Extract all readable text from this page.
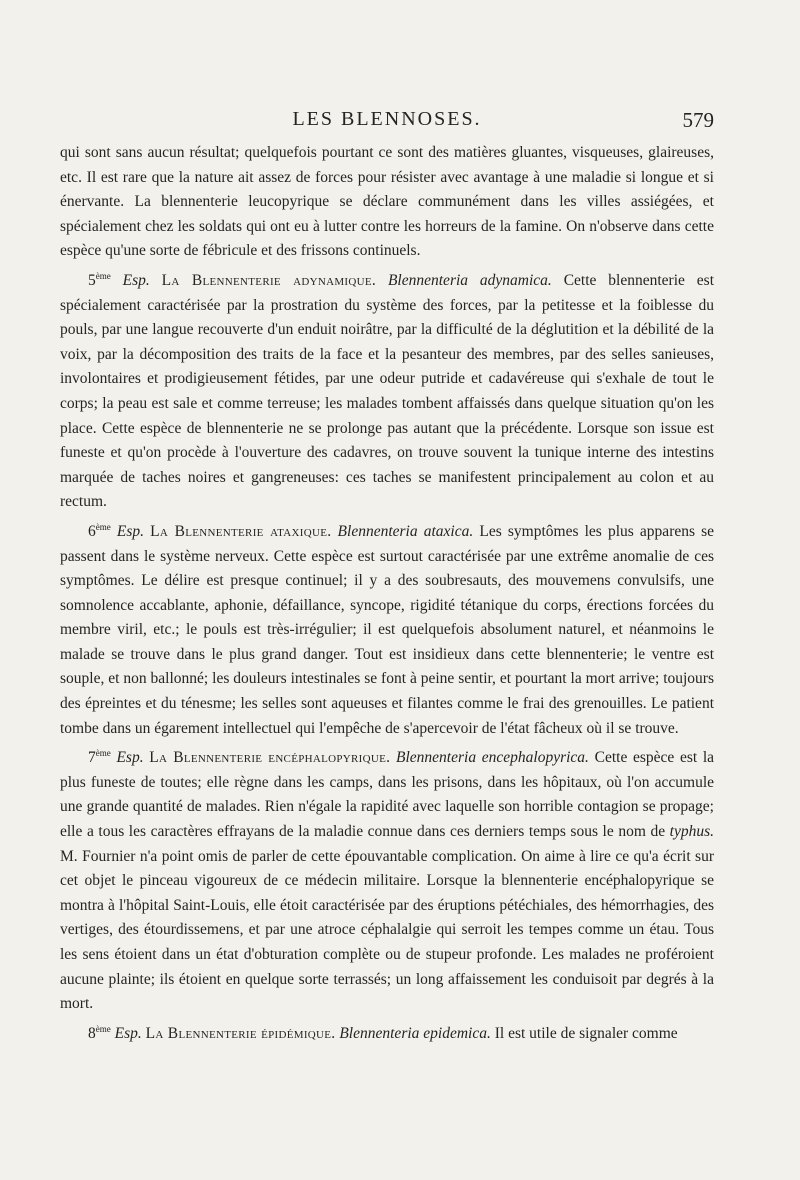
LES BLENNOSES.	579

qui sont sans aucun résultat; quelquefois pourtant ce sont des matières gluantes, visqueuses, glaireuses, etc. Il est rare que la nature ait assez de forces pour résister avec avantage à une maladie si longue et si énervante. La blennenterie leucopyrique se déclare communément dans les villes assiégées, et spécialement chez les soldats qui ont eu à lutter contre les horreurs de la famine. On n'observe dans cette espèce qu'une sorte de fébricule et des frissons continuels.

5ème Esp. La Blennenterie adynamique. Blennenteria adynamica. Cette blennenterie est spécialement caractérisée par la prostration du système des forces, par la petitesse et la foiblesse du pouls, par une langue recouverte d'un enduit noirâtre, par la difficulté de la déglutition et la débilité de la voix, par la décomposition des traits de la face et la pesanteur des membres, par des selles sanieuses, involontaires et prodigieusement fétides, par une odeur putride et cadavéreuse qui s'exhale de tout le corps; la peau est sale et comme terreuse; les malades tombent affaissés dans quelque situation qu'on les place. Cette espèce de blennenterie ne se prolonge pas autant que la précédente. Lorsque son issue est funeste et qu'on procède à l'ouverture des cadavres, on trouve souvent la tunique interne des intestins marquée de taches noires et gangreneuses: ces taches se manifestent principalement au colon et au rectum.

6ème Esp. La Blennenterie ataxique. Blennenteria ataxica. Les symptômes les plus apparens se passent dans le système nerveux. Cette espèce est surtout caractérisée par une extrême anomalie de ces symptômes. Le délire est presque continuel; il y a des soubresauts, des mouvemens convulsifs, une somnolence accablante, aphonie, défaillance, syncope, rigidité tétanique du corps, érections forcées du membre viril, etc.; le pouls est très-irrégulier; il est quelquefois absolument naturel, et néanmoins le malade se trouve dans le plus grand danger. Tout est insidieux dans cette blennenterie; le ventre est souple, et non ballonné; les douleurs intestinales se font à peine sentir, et pourtant la mort arrive; toujours des épreintes et du ténesme; les selles sont aqueuses et filantes comme le frai des grenouilles. Le patient tombe dans un égarement intellectuel qui l'empêche de s'apercevoir de l'état fâcheux où il se trouve.

7ème Esp. La Blennenterie encéphalopyrique. Blennenteria encephalopyrica. Cette espèce est la plus funeste de toutes; elle règne dans les camps, dans les prisons, dans les hôpitaux, où l'on accumule une grande quantité de malades. Rien n'égale la rapidité avec laquelle son horrible contagion se propage; elle a tous les caractères effrayans de la maladie connue dans ces derniers temps sous le nom de typhus. M. Fournier n'a point omis de parler de cette épouvantable complication. On aime à lire ce qu'a écrit sur cet objet le pinceau vigoureux de ce médecin militaire. Lorsque la blennenterie encéphalopyrique se montra à l'hôpital Saint-Louis, elle étoit caractérisée par des éruptions pétéchiales, des hémorrhagies, des vertiges, des étourdissemens, et par une atroce céphalalgie qui serroit les tempes comme un étau. Tous les sens étoient dans un état d'obturation complète ou de stupeur profonde. Les malades ne proféroient aucune plainte; ils étoient en quelque sorte terrassés; un long affaissement les conduisoit par degrés à la mort.

8ème Esp. La Blennenterie épidémique. Blennenteria epidemica. Il est utile de signaler comme
